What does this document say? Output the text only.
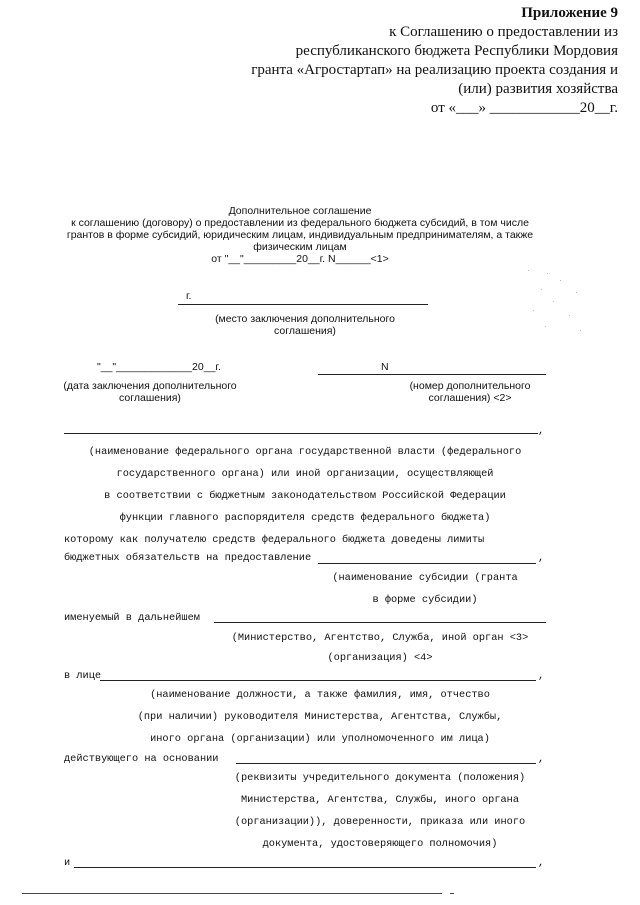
Приложение 9
к Соглашению о предоставлении из
республиканского бюджета Республики Мордовия
гранта «Агростартап» на реализацию проекта создания и
(или) развития хозяйства
от «___» ____________20__г.
Дополнительное соглашение
к соглашению (договору) о предоставлении из федерального бюджета субсидий, в том числе
грантов в форме субсидий, юридическим лицам, индивидуальным предпринимателям, а также
физическим лицам
от "__"_________20__г. N______<1>
г.
(место заключения дополнительного
соглашения)
"__"_____________20__г.
(дата заключения дополнительного
соглашения)
N
(номер дополнительного
соглашения) <2>
,
(наименование федерального органа государственной власти (федерального
государственного органа) или иной организации, осуществляющей
в соответствии с бюджетным законодательством Российской Федерации
функции главного распорядителя средств федерального бюджета)
которому как получателю средств федерального бюджета доведены лимиты
бюджетных обязательств на предоставление	,
(наименование субсидии (гранта
в форме субсидии)
именуемый в дальнейшем
(Министерство, Агентство, Служба, иной орган <3>
(организация) <4>
в лице	,
(наименование должности, а также фамилия, имя, отчество
(при наличии) руководителя Министерства, Агентства, Службы,
иного органа (организации) или уполномоченного им лица)
действующего на основании	,
(реквизиты учредительного документа (положения)
Министерства, Агентства, Службы, иного органа
(организации)), доверенности, приказа или иного
документа, удостоверяющего полномочия)
и	,
